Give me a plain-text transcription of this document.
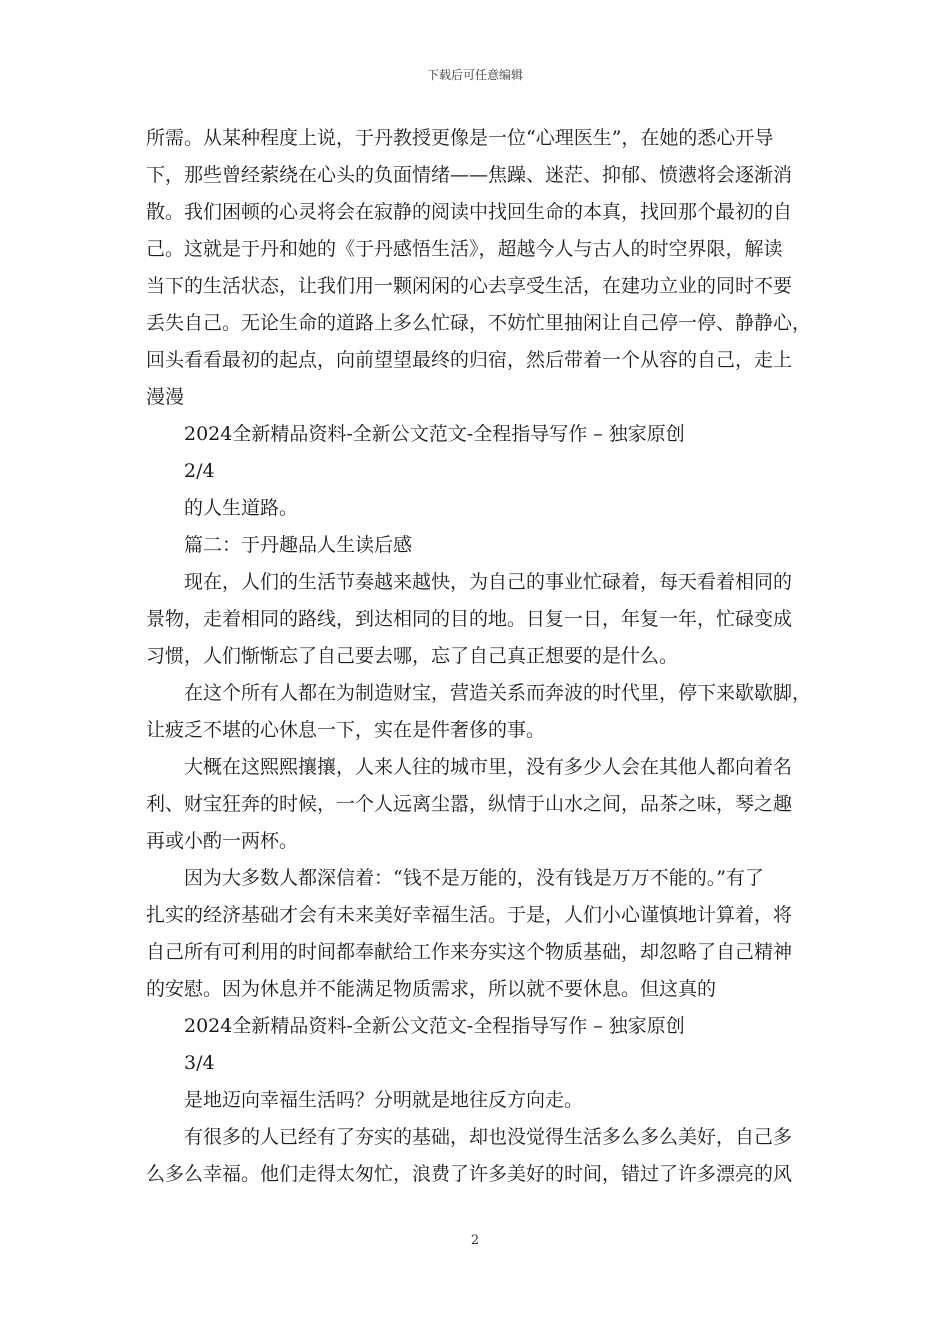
下载后可任意编辑
所需。从某种程度上说，于丹教授更像是一位“心理医生”，在她的悉心开导
下，那些曾经萦绕在心头的负面情绪——焦躁、迷茫、抑郁、愤懑将会逐渐消
散。我们困顿的心灵将会在寂静的阅读中找回生命的本真，找回那个最初的自
己。这就是于丹和她的《于丹感悟生活》，超越今人与古人的时空界限，解读
当下的生活状态，让我们用一颗闲闲的心去享受生活，在建功立业的同时不要
丢失自己。无论生命的道路上多么忙碌，不妨忙里抽闲让自己停一停、静静心，
回头看看最初的起点，向前望望最终的归宿，然后带着一个从容的自己，走上
漫漫
2024全新精品资料-全新公文范文-全程指导写作 – 独家原创
2/4
的人生道路。
篇二：于丹趣品人生读后感
现在，人们的生活节奏越来越快，为自己的事业忙碌着，每天看着相同的
景物，走着相同的路线，到达相同的目的地。日复一日，年复一年，忙碌变成
习惯，人们惭惭忘了自己要去哪，忘了自己真正想要的是什么。
在这个所有人都在为制造财宝，营造关系而奔波的时代里，停下来歇歇脚，
让疲乏不堪的心休息一下，实在是件奢侈的事。
大概在这熙熙攘攘，人来人往的城市里，没有多少人会在其他人都向着名
利、财宝狂奔的时候，一个人远离尘嚣，纵情于山水之间，品茶之味，琴之趣
再或小酌一两杯。
因为大多数人都深信着：“钱不是万能的，没有钱是万万不能的。”有了
扎实的经济基础才会有未来美好幸福生活。于是，人们小心谨慎地计算着，将
自己所有可利用的时间都奉献给工作来夯实这个物质基础，却忽略了自己精神
的安慰。因为休息并不能满足物质需求，所以就不要休息。但这真的
2024全新精品资料-全新公文范文-全程指导写作 – 独家原创
3/4
是地迈向幸福生活吗？分明就是地往反方向走。
有很多的人已经有了夯实的基础，却也没觉得生活多么多么美好，自己多
么多么幸福。他们走得太匆忙，浪费了许多美好的时间，错过了许多漂亮的风
2
